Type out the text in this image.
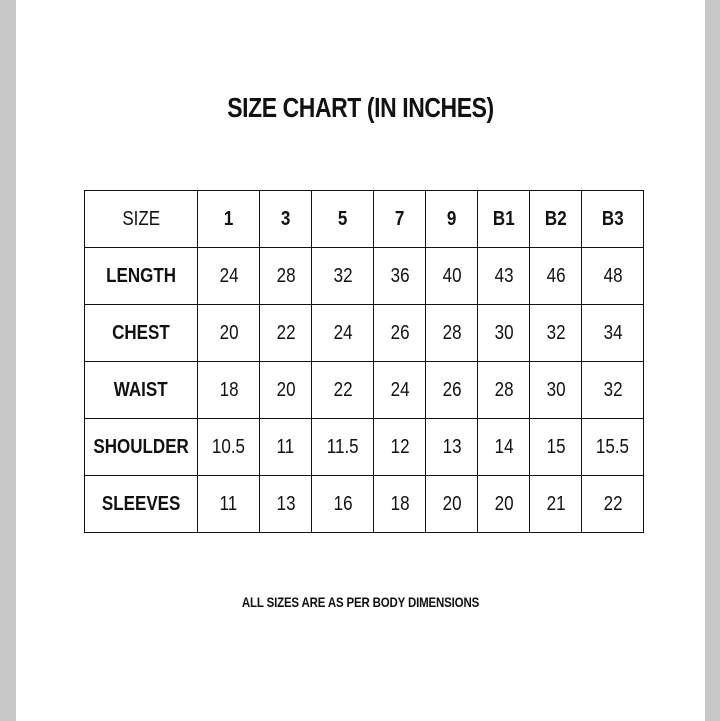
SIZE CHART (IN INCHES)
SIZE	1	3	5	7	9	B1	B2	B3
LENGTH	24	28	32	36	40	43	46	48
CHEST	20	22	24	26	28	30	32	34
WAIST	18	20	22	24	26	28	30	32
SHOULDER	10.5	11	11.5	12	13	14	15	15.5
SLEEVES	11	13	16	18	20	20	21	22
ALL SIZES ARE AS PER BODY DIMENSIONS
